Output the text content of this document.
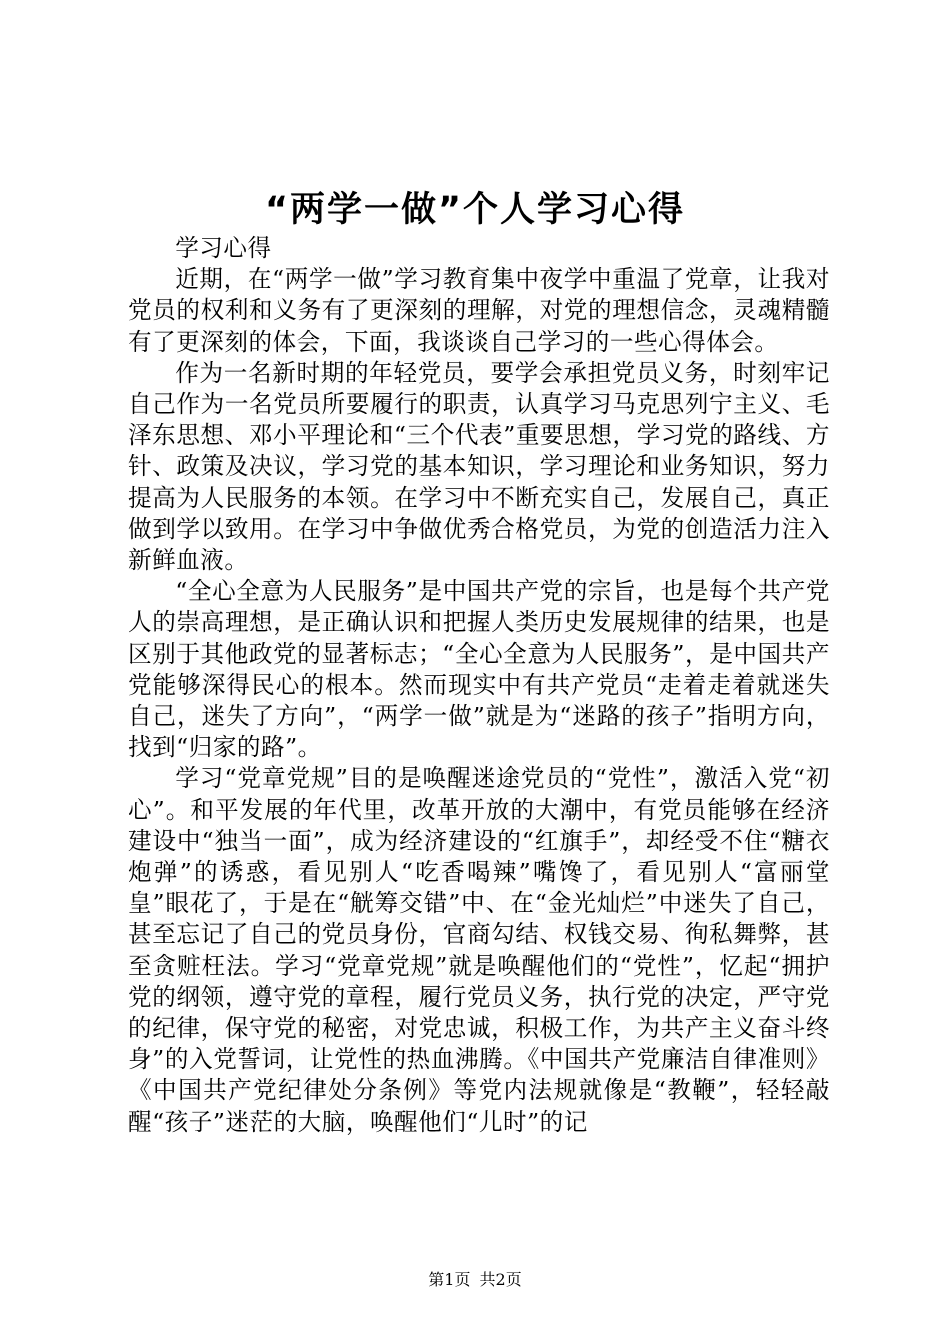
“两学一做”个人学习心得

学习心得

近期，在“两学一做”学习教育集中夜学中重温了党章，让我对党员的权利和义务有了更深刻的理解，对党的理想信念，灵魂精髓有了更深刻的体会，下面，我谈谈自己学习的一些心得体会。

作为一名新时期的年轻党员，要学会承担党员义务，时刻牢记自己作为一名党员所要履行的职责，认真学习马克思列宁主义、毛泽东思想、邓小平理论和“三个代表”重要思想，学习党的路线、方针、政策及决议，学习党的基本知识，学习理论和业务知识，努力提高为人民服务的本领。在学习中不断充实自己，发展自己，真正做到学以致用。在学习中争做优秀合格党员，为党的创造活力注入新鲜血液。

“全心全意为人民服务”是中国共产党的宗旨，也是每个共产党人的崇高理想，是正确认识和把握人类历史发展规律的结果，也是区别于其他政党的显著标志；“全心全意为人民服务”，是中国共产党能够深得民心的根本。然而现实中有共产党员“走着走着就迷失自己，迷失了方向”，“两学一做”就是为“迷路的孩子”指明方向，找到“归家的路”。

学习“党章党规”目的是唤醒迷途党员的“党性”，激活入党“初心”。和平发展的年代里，改革开放的大潮中，有党员能够在经济建设中“独当一面”，成为经济建设的“红旗手”，却经受不住“糖衣炮弹”的诱惑，看见别人“吃香喝辣”嘴馋了，看见别人“富丽堂皇”眼花了，于是在“觥筹交错”中、在“金光灿烂”中迷失了自己，甚至忘记了自己的党员身份，官商勾结、权钱交易、徇私舞弊，甚至贪赃枉法。学习“党章党规”就是唤醒他们的“党性”，忆起“拥护党的纲领，遵守党的章程，履行党员义务，执行党的决定，严守党的纪律，保守党的秘密，对党忠诚，积极工作，为共产主义奋斗终身”的入党誓词，让党性的热血沸腾。《中国共产党廉洁自律准则》《中国共产党纪律处分条例》等党内法规就像是“教鞭”，轻轻敲醒“孩子”迷茫的大脑，唤醒他们“儿时”的记

第1页 共2页
